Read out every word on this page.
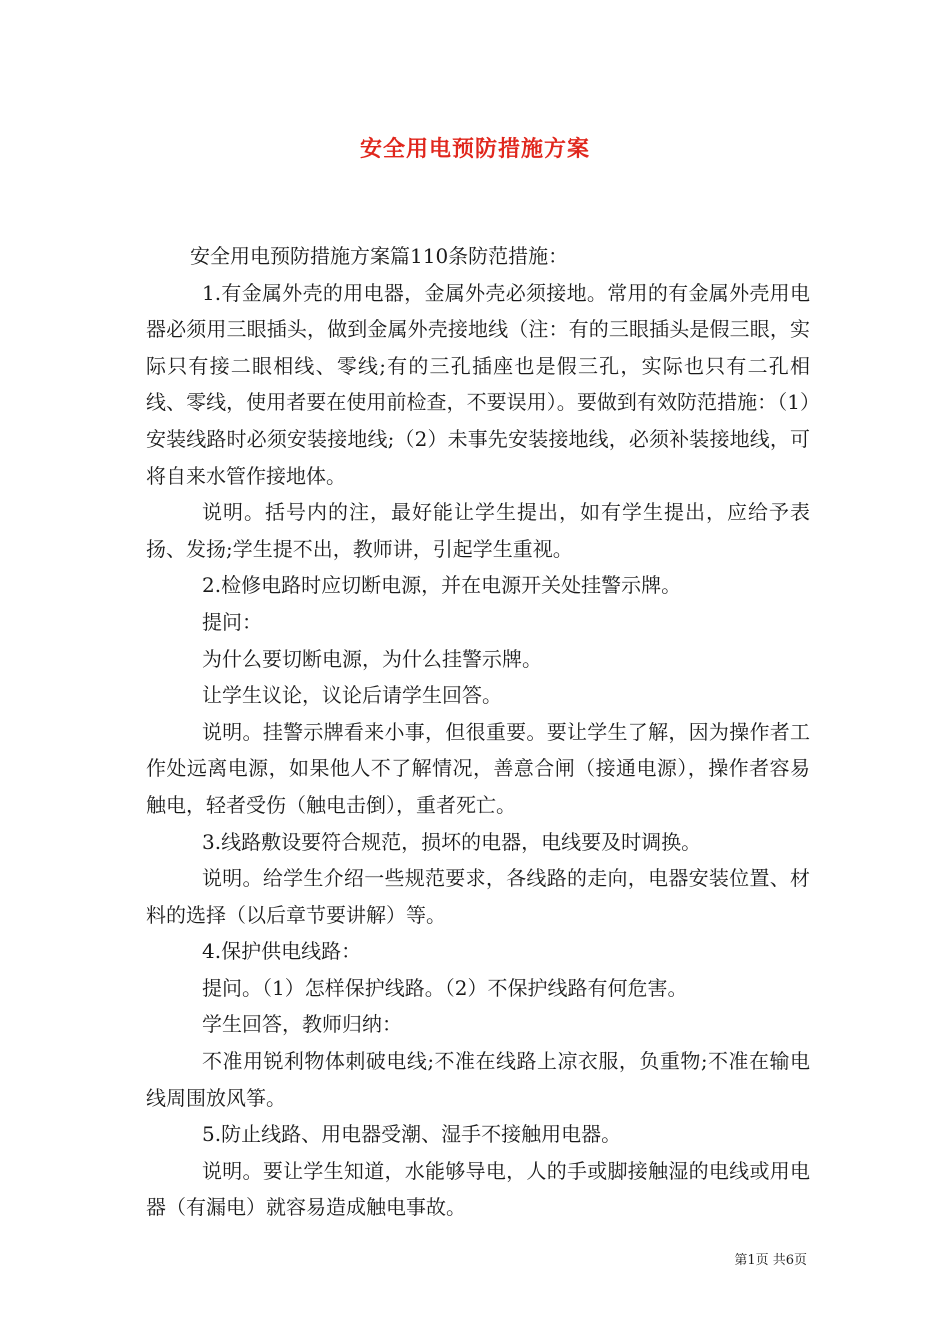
安全用电预防措施方案

安全用电预防措施方案篇110条防范措施：

1.有金属外壳的用电器，金属外壳必须接地。常用的有金属外壳用电器必须用三眼插头，做到金属外壳接地线（注：有的三眼插头是假三眼，实际只有接二眼相线、零线;有的三孔插座也是假三孔，实际也只有二孔相线、零线，使用者要在使用前检查，不要误用）。要做到有效防范措施：（1）安装线路时必须安装接地线;（2）未事先安装接地线，必须补装接地线，可将自来水管作接地体。

说明。括号内的注，最好能让学生提出，如有学生提出，应给予表扬、发扬;学生提不出，教师讲，引起学生重视。

2.检修电路时应切断电源，并在电源开关处挂警示牌。

提问：

为什么要切断电源，为什么挂警示牌。

让学生议论，议论后请学生回答。

说明。挂警示牌看来小事，但很重要。要让学生了解，因为操作者工作处远离电源，如果他人不了解情况，善意合闸（接通电源），操作者容易触电，轻者受伤（触电击倒），重者死亡。

3.线路敷设要符合规范，损坏的电器，电线要及时调换。

说明。给学生介绍一些规范要求，各线路的走向，电器安装位置、材料的选择（以后章节要讲解）等。

4.保护供电线路：

提问。（1）怎样保护线路。（2）不保护线路有何危害。

学生回答，教师归纳：

不准用锐利物体刺破电线;不准在线路上凉衣服，负重物;不准在输电线周围放风筝。

5.防止线路、用电器受潮、湿手不接触用电器。

说明。要让学生知道，水能够导电，人的手或脚接触湿的电线或用电器（有漏电）就容易造成触电事故。

第1页 共6页
